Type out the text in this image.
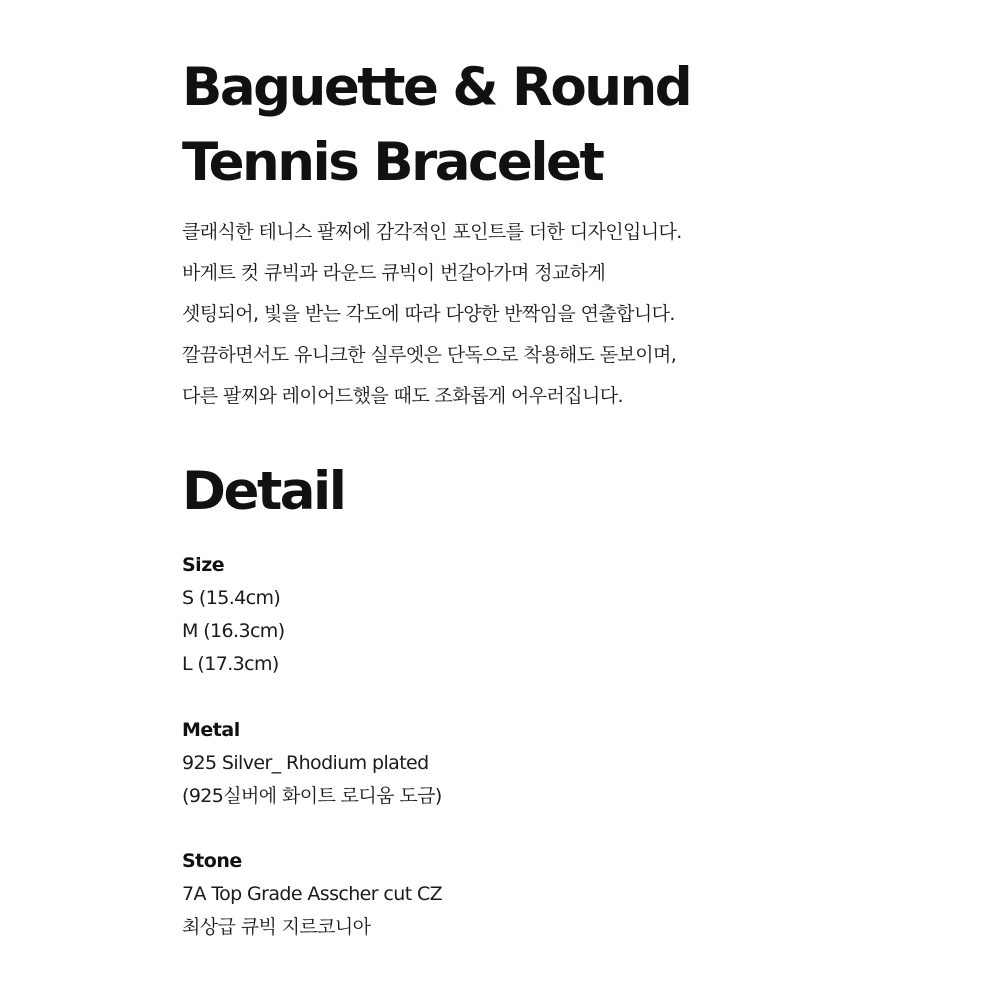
Baguette & Round
Tennis Bracelet

클래식한 테니스 팔찌에 감각적인 포인트를 더한 디자인입니다.
바게트 컷 큐빅과 라운드 큐빅이 번갈아가며 정교하게
셋팅되어, 빛을 받는 각도에 따라 다양한 반짝임을 연출합니다.
깔끔하면서도 유니크한 실루엣은 단독으로 착용해도 돋보이며,
다른 팔찌와 레이어드했을 때도 조화롭게 어우러집니다.

Detail
Size
S (15.4cm)
M (16.3cm)
L (17.3cm)
Metal
925 Silver_ Rhodium plated
(925실버에 화이트 로디움 도금)
Stone
7A Top Grade Asscher cut CZ
최상급 큐빅 지르코니아
